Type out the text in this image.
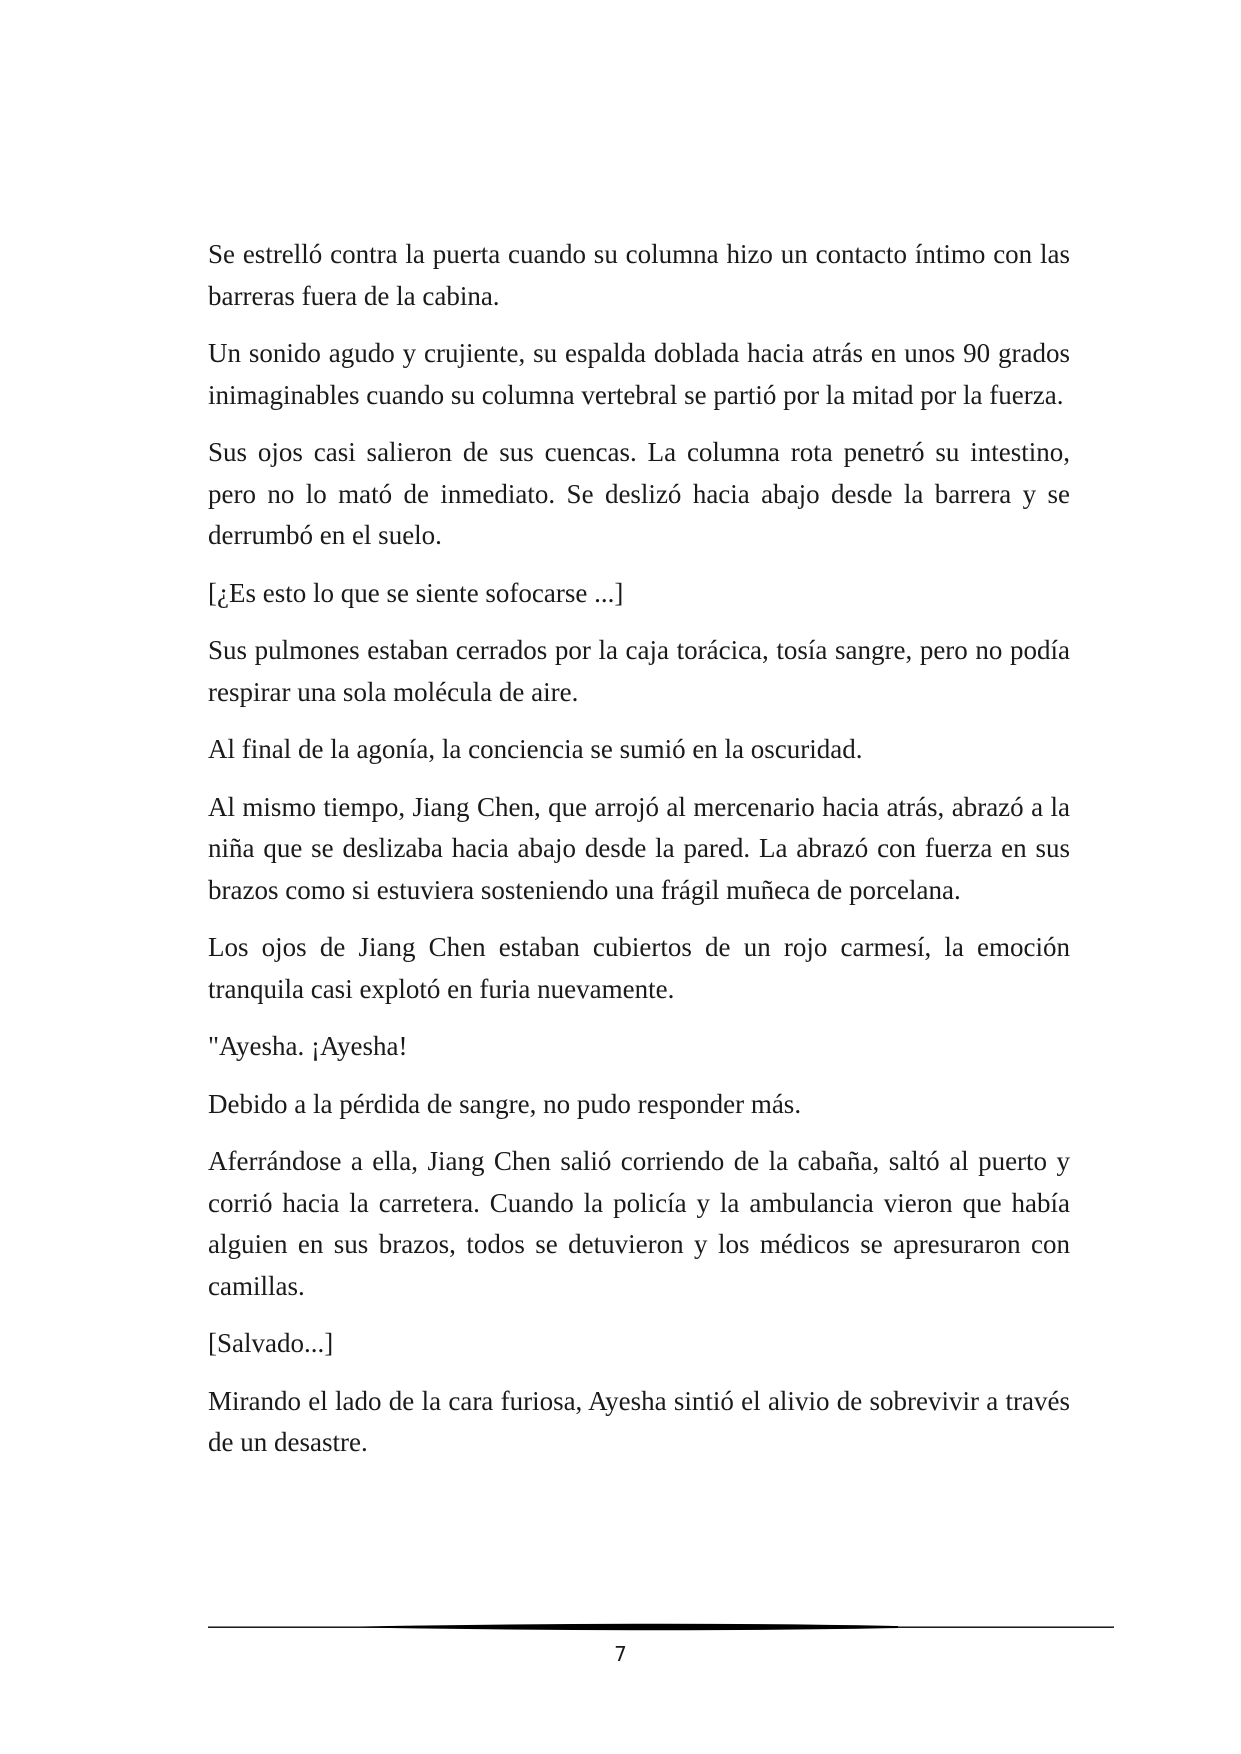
Se estrelló contra la puerta cuando su columna hizo un contacto íntimo con las barreras fuera de la cabina.

Un sonido agudo y crujiente, su espalda doblada hacia atrás en unos 90 grados inimaginables cuando su columna vertebral se partió por la mitad por la fuerza.

Sus ojos casi salieron de sus cuencas. La columna rota penetró su intestino, pero no lo mató de inmediato. Se deslizó hacia abajo desde la barrera y se derrumbó en el suelo.

[¿Es esto lo que se siente sofocarse ...]

Sus pulmones estaban cerrados por la caja torácica, tosía sangre, pero no podía respirar una sola molécula de aire.

Al final de la agonía, la conciencia se sumió en la oscuridad.

Al mismo tiempo, Jiang Chen, que arrojó al mercenario hacia atrás, abrazó a la niña que se deslizaba hacia abajo desde la pared. La abrazó con fuerza en sus brazos como si estuviera sosteniendo una frágil muñeca de porcelana.

Los ojos de Jiang Chen estaban cubiertos de un rojo carmesí, la emoción tranquila casi explotó en furia nuevamente.

"Ayesha. ¡Ayesha!

Debido a la pérdida de sangre, no pudo responder más.

Aferrándose a ella, Jiang Chen salió corriendo de la cabaña, saltó al puerto y corrió hacia la carretera. Cuando la policía y la ambulancia vieron que había alguien en sus brazos, todos se detuvieron y los médicos se apresuraron con camillas.

[Salvado...]

Mirando el lado de la cara furiosa, Ayesha sintió el alivio de sobrevivir a través de un desastre.

7
